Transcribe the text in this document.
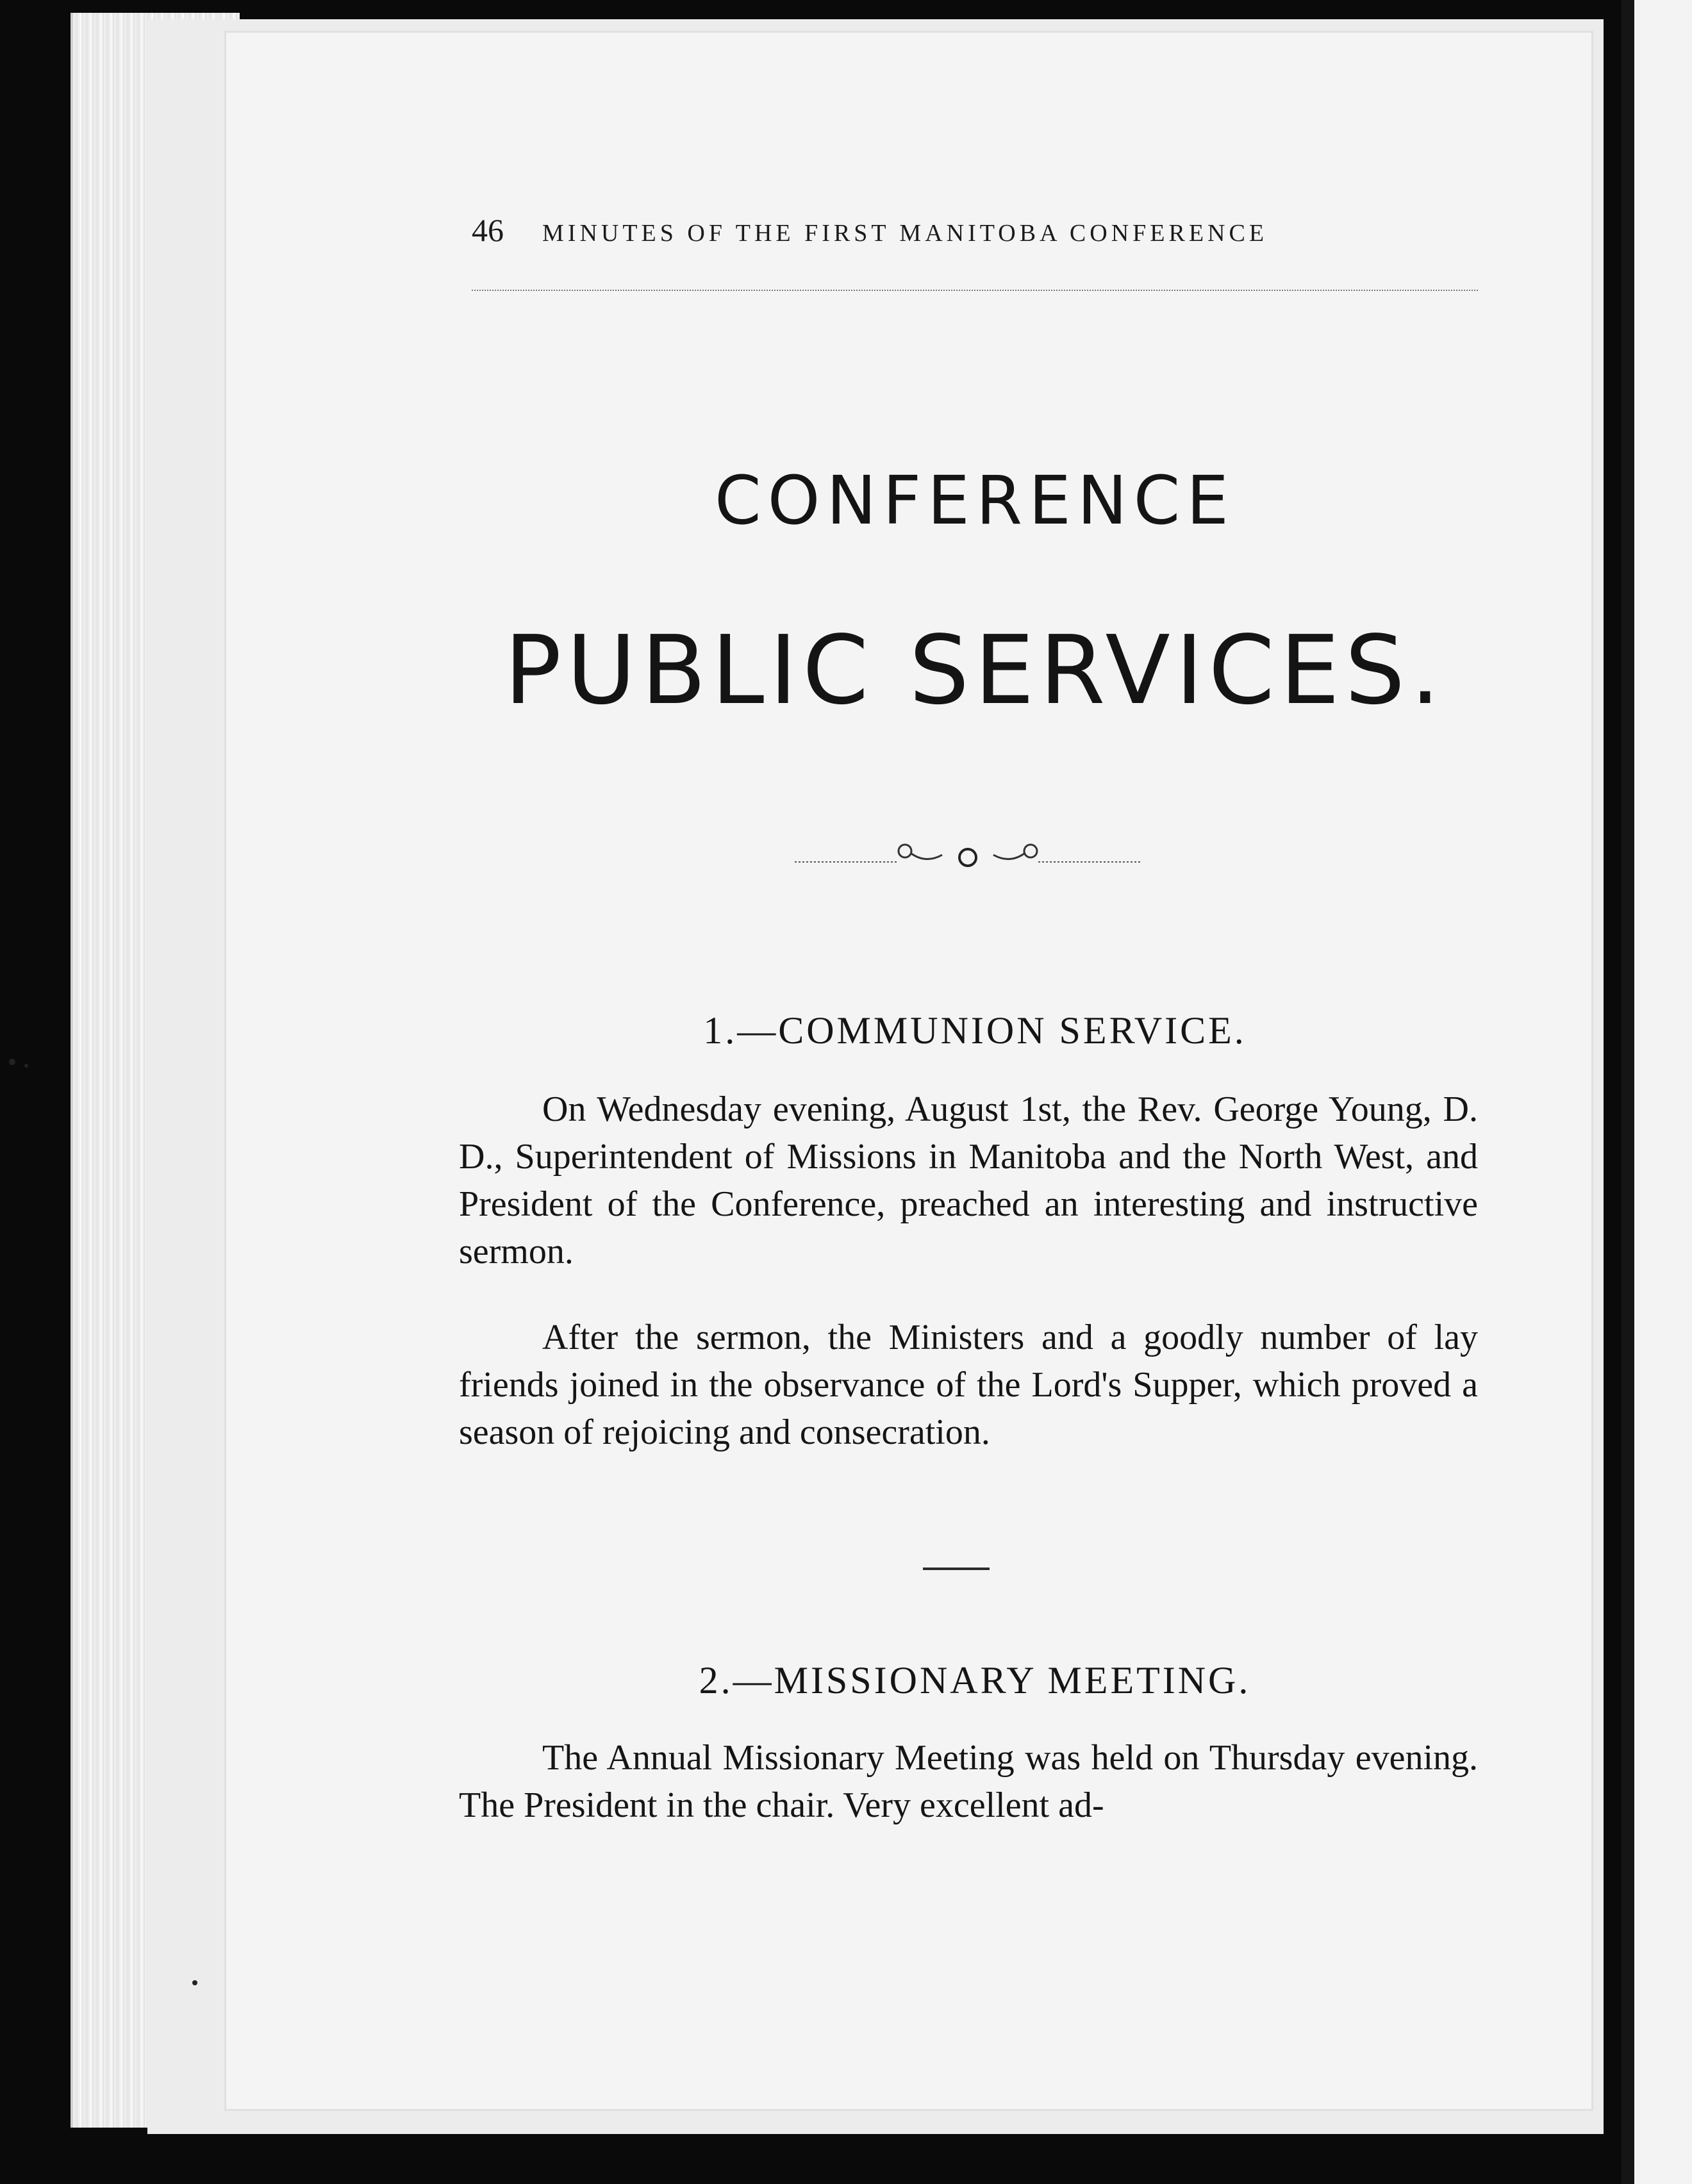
46 MINUTES OF THE FIRST MANITOBA CONFERENCE
CONFERENCE
PUBLIC SERVICES.
1.—COMMUNION SERVICE.

On Wednesday evening, August 1st, the Rev. George Young, D. D., Superintendent of Missions in Manitoba and the North West, and President of the Conference, preached an interesting and instructive sermon.

After the sermon, the Ministers and a goodly number of lay friends joined in the observance of the Lord's Supper, which proved a season of rejoicing and consecration.

2.—MISSIONARY MEETING.

The Annual Missionary Meeting was held on Thursday evening. The President in the chair. Very excellent ad-
